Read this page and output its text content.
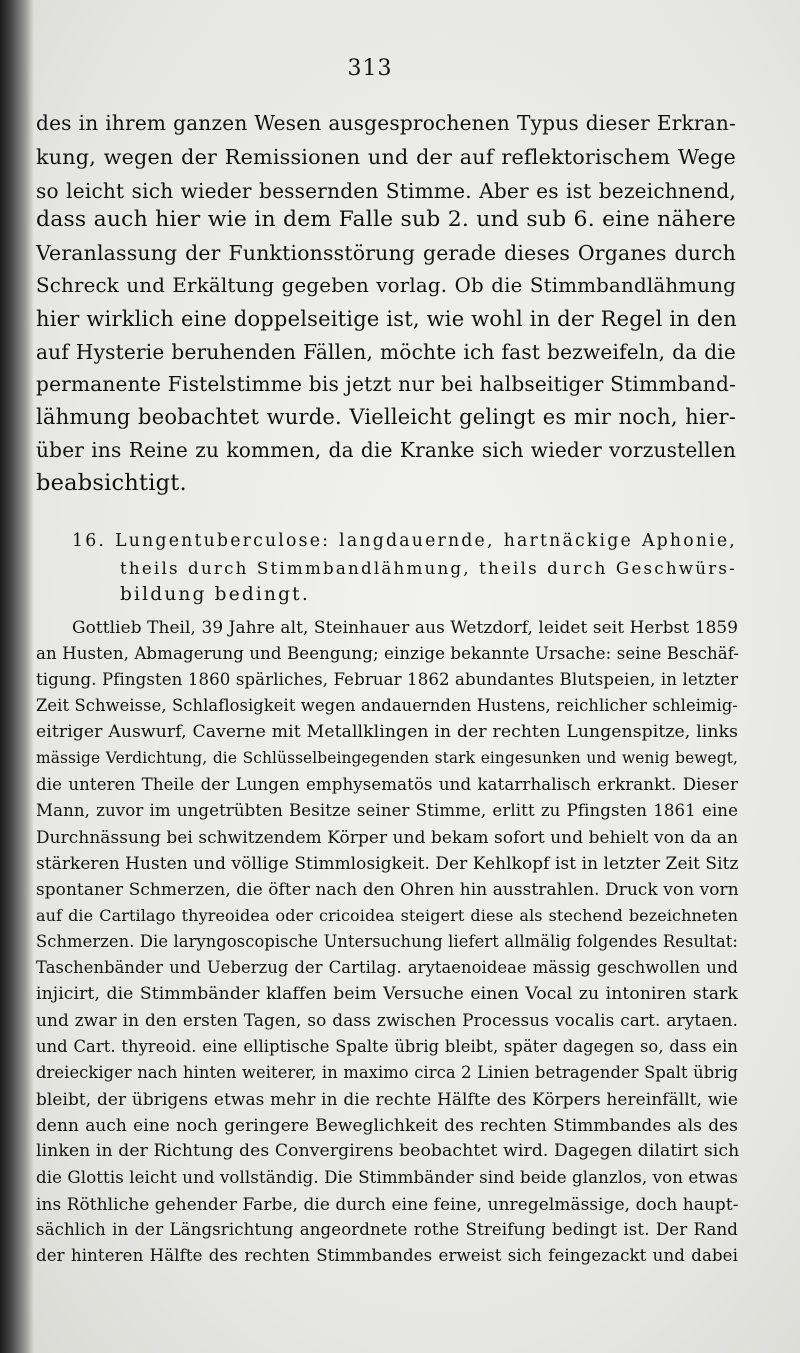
313
des in ihrem ganzen Wesen ausgesprochenen Typus dieser Erkran-
kung, wegen der Remissionen und der auf reflektorischem Wege
so leicht sich wieder bessernden Stimme. Aber es ist bezeichnend,
dass auch hier wie in dem Falle sub 2. und sub 6. eine nähere
Veranlassung der Funktionsstörung gerade dieses Organes durch
Schreck und Erkältung gegeben vorlag. Ob die Stimmbandlähmung
hier wirklich eine doppelseitige ist, wie wohl in der Regel in den
auf Hysterie beruhenden Fällen, möchte ich fast bezweifeln, da die
permanente Fistelstimme bis jetzt nur bei halbseitiger Stimmband-
lähmung beobachtet wurde. Vielleicht gelingt es mir noch, hier-
über ins Reine zu kommen, da die Kranke sich wieder vorzustellen
beabsichtigt.
16. Lungentuberculose: langdauernde, hartnäckige Aphonie,
theils durch Stimmbandlähmung, theils durch Geschwürs-
bildung bedingt.
Gottlieb Theil, 39 Jahre alt, Steinhauer aus Wetzdorf, leidet seit Herbst 1859
an Husten, Abmagerung und Beengung; einzige bekannte Ursache: seine Beschäf-
tigung. Pfingsten 1860 spärliches, Februar 1862 abundantes Blutspeien, in letzter
Zeit Schweisse, Schlaflosigkeit wegen andauernden Hustens, reichlicher schleimig-
eitriger Auswurf, Caverne mit Metallklingen in der rechten Lungenspitze, links
mässige Verdichtung, die Schlüsselbeingegenden stark eingesunken und wenig bewegt,
die unteren Theile der Lungen emphysematös und katarrhalisch erkrankt. Dieser
Mann, zuvor im ungetrübten Besitze seiner Stimme, erlitt zu Pfingsten 1861 eine
Durchnässung bei schwitzendem Körper und bekam sofort und behielt von da an
stärkeren Husten und völlige Stimmlosigkeit. Der Kehlkopf ist in letzter Zeit Sitz
spontaner Schmerzen, die öfter nach den Ohren hin ausstrahlen. Druck von vorn
auf die Cartilago thyreoidea oder cricoidea steigert diese als stechend bezeichneten
Schmerzen. Die laryngoscopische Untersuchung liefert allmälig folgendes Resultat:
Taschenbänder und Ueberzug der Cartilag. arytaenoideae mässig geschwollen und
injicirt, die Stimmbänder klaffen beim Versuche einen Vocal zu intoniren stark
und zwar in den ersten Tagen, so dass zwischen Processus vocalis cart. arytaen.
und Cart. thyreoid. eine elliptische Spalte übrig bleibt, später dagegen so, dass ein
dreieckiger nach hinten weiterer, in maximo circa 2 Linien betragender Spalt übrig
bleibt, der übrigens etwas mehr in die rechte Hälfte des Körpers hereinfällt, wie
denn auch eine noch geringere Beweglichkeit des rechten Stimmbandes als des
linken in der Richtung des Convergirens beobachtet wird. Dagegen dilatirt sich
die Glottis leicht und vollständig. Die Stimmbänder sind beide glanzlos, von etwas
ins Röthliche gehender Farbe, die durch eine feine, unregelmässige, doch haupt-
sächlich in der Längsrichtung angeordnete rothe Streifung bedingt ist. Der Rand
der hinteren Hälfte des rechten Stimmbandes erweist sich feingezackt und dabei
